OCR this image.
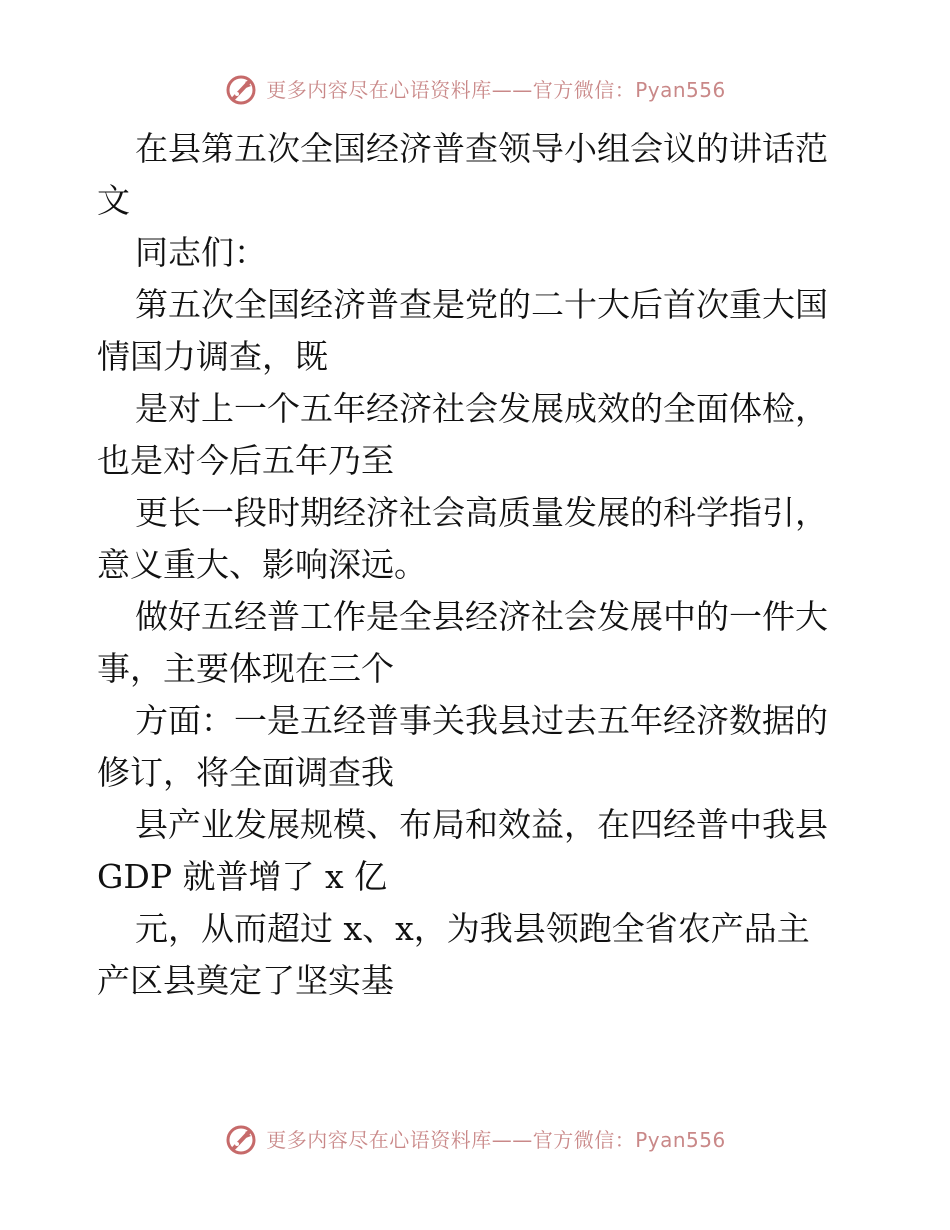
更多内容尽在心语资料库——官方微信：Pyan556
在县第五次全国经济普查领导小组会议的讲话范
文
同志们：
第五次全国经济普查是党的二十大后首次重大国
情国力调查，既
是对上一个五年经济社会发展成效的全面体检，
也是对今后五年乃至
更长一段时期经济社会高质量发展的科学指引，
意义重大、影响深远。
做好五经普工作是全县经济社会发展中的一件大
事，主要体现在三个
方面：一是五经普事关我县过去五年经济数据的
修订，将全面调查我
县产业发展规模、布局和效益，在四经普中我县
GDP 就普增了 x 亿
元，从而超过 x、x，为我县领跑全省农产品主
产区县奠定了坚实基
更多内容尽在心语资料库——官方微信：Pyan556
